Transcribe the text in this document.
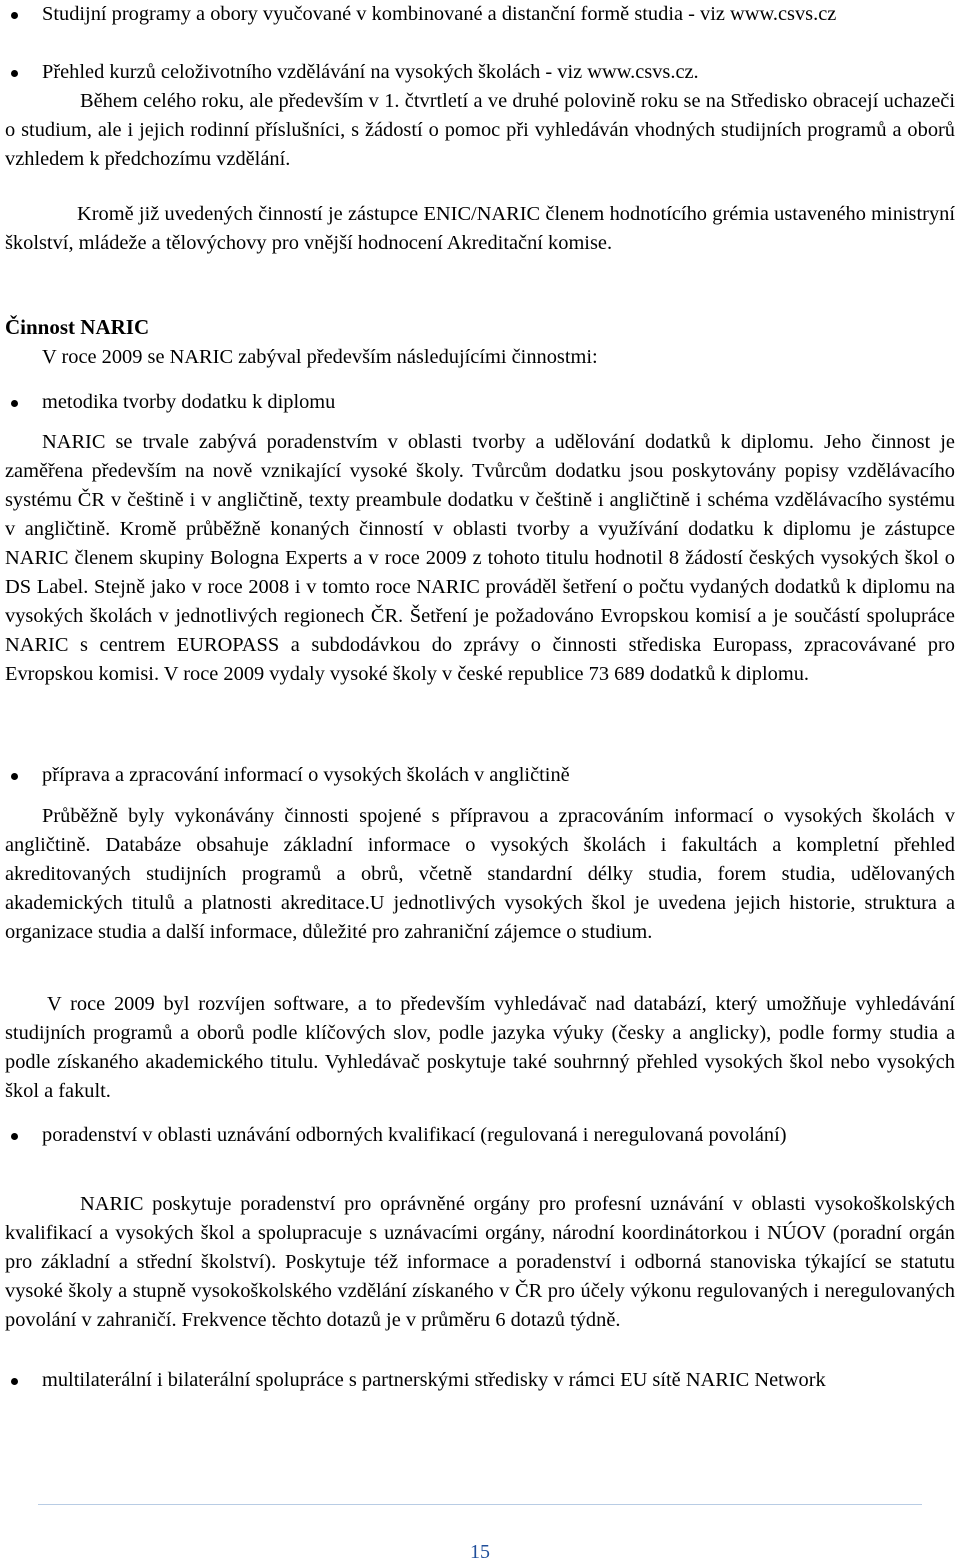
Studijní programy a obory vyučované v kombinované a distanční formě studia - viz www.csvs.cz

Přehled kurzů celoživotního vzdělávání na vysokých školách - viz www.csvs.cz.

Během celého roku, ale především v 1. čtvrtletí a ve druhé polovině roku se na Středisko obracejí uchazeči o studium, ale i jejich rodinní příslušníci, s žádostí o pomoc při vyhledáván vhodných studijních programů a oborů vzhledem k předchozímu vzdělání.

Kromě již uvedených činností je zástupce ENIC/NARIC členem hodnotícího grémia ustaveného ministryní školství, mládeže a tělovýchovy pro vnější hodnocení Akreditační komise.

Činnost NARIC

V roce 2009 se NARIC zabýval především následujícími činnostmi:

metodika tvorby dodatku k diplomu

NARIC se trvale zabývá poradenstvím v oblasti tvorby a udělování dodatků k diplomu. Jeho činnost je zaměřena především na nově vznikající vysoké školy. Tvůrcům dodatku jsou poskytovány popisy vzdělávacího systému ČR v češtině i v angličtině, texty preambule dodatku v češtině i angličtině i schéma vzdělávacího systému v angličtině. Kromě průběžně konaných činností v oblasti tvorby a využívání dodatku k diplomu je zástupce NARIC členem skupiny Bologna Experts a v roce 2009 z tohoto titulu hodnotil 8 žádostí českých vysokých škol o DS Label. Stejně jako v roce 2008 i v tomto roce NARIC prováděl šetření o počtu vydaných dodatků k diplomu na vysokých školách v jednotlivých regionech ČR. Šetření je požadováno Evropskou komisí a je součástí spolupráce NARIC s centrem EUROPASS a subdodávkou do zprávy o činnosti střediska Europass, zpracovávané pro Evropskou komisi. V roce 2009 vydaly vysoké školy v české republice 73 689 dodatků k diplomu.

příprava a zpracování informací o vysokých školách v angličtině

Průběžně byly vykonávány činnosti spojené s přípravou a zpracováním informací o vysokých školách v angličtině. Databáze obsahuje základní informace o vysokých školách i fakultách a kompletní přehled akreditovaných studijních programů a obrů, včetně standardní délky studia, forem studia, udělovaných akademických titulů a platnosti akreditace.U jednotlivých vysokých škol je uvedena jejich historie, struktura a organizace studia a další informace, důležité pro zahraniční zájemce o studium.

V roce 2009 byl rozvíjen software, a to především vyhledávač nad databází, který umožňuje vyhledávání studijních programů a oborů podle klíčových slov, podle jazyka výuky (česky a anglicky), podle formy studia a podle získaného akademického titulu. Vyhledávač poskytuje také souhrnný přehled vysokých škol nebo vysokých škol a fakult.

poradenství v oblasti uznávání odborných kvalifikací (regulovaná i neregulovaná povolání)

NARIC poskytuje poradenství pro oprávněné orgány pro profesní uznávání v oblasti vysokoškolských kvalifikací a vysokých škol a spolupracuje s uznávacími orgány, národní koordinátorkou i NÚOV (poradní orgán pro základní a střední školství). Poskytuje též informace a poradenství i odborná stanoviska týkající se statutu vysoké školy a stupně vysokoškolského vzdělání získaného v ČR pro účely výkonu regulovaných i neregulovaných povolání v zahraničí. Frekvence těchto dotazů je v průměru 6 dotazů týdně.

multilaterální i bilaterální spolupráce s partnerskými středisky v rámci EU sítě NARIC Network

15
